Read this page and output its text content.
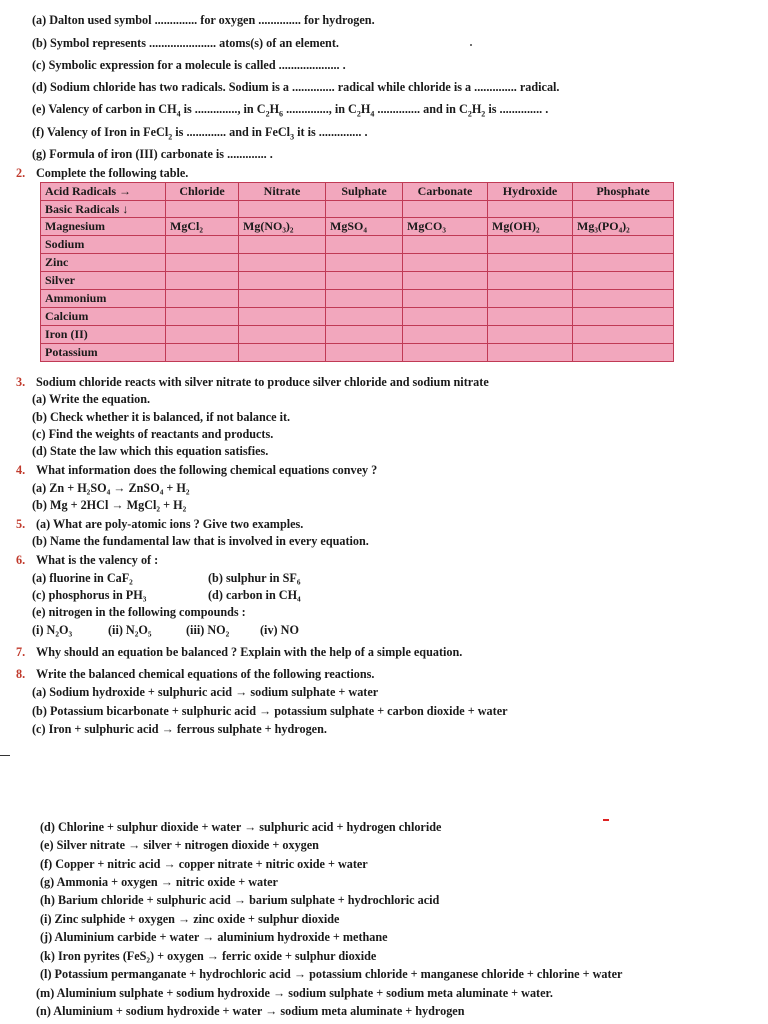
(a) Dalton used symbol .............. for oxygen .............. for hydrogen.
(b) Symbol represents ...................... atoms(s) of an element.
(c) Symbolic expression for a molecule is called .................... .
(d) Sodium chloride has two radicals. Sodium is a .............. radical while chloride is a .............. radical.
(e) Valency of carbon in $CH_4$ is .............., in $C_2H_6$ .............., in $C_2H_4$ .............. and in $C_2H_2$ is .............. .
(f) Valency of Iron in FeCl$_2$ is ............. and in FeCl$_3$ it is .............. .
(g) Formula of iron (III) carbonate is ............. .
2. Complete the following table.
Acid Radicals →	Chloride	Nitrate	Sulphate	Carbonate	Hydroxide	Phosphate
Basic Radicals ↓						
Magnesium	MgCl₂	Mg(NO₃)₂	MgSO₄	MgCO₃	Mg(OH)₂	Mg₃(PO₄)₂
Sodium						
Zinc						
Silver						
Ammonium						
Calcium						
Iron (II)						
Potassium						
3. Sodium chloride reacts with silver nitrate to produce silver chloride and sodium nitrate
(a) Write the equation.
(b) Check whether it is balanced, if not balance it.
(c) Find the weights of reactants and products.
(d) State the law which this equation satisfies.
4. What information does the following chemical equations convey ?
(a) Zn + H₂SO₄ → ZnSO₄ + H₂
(b) Mg + 2HCl → MgCl₂ + H₂
5. (a) What are poly-atomic ions ? Give two examples.
(b) Name the fundamental law that is involved in every equation.
6. What is the valency of :
(a) fluorine in CaF₂	(b) sulphur in SF₆
(c) phosphorus in PH₃	(d) carbon in CH₄
(e) nitrogen in the following compounds :
(i) N₂O₃	(ii) N₂O₅	(iii) NO₂	(iv) NO
7. Why should an equation be balanced ? Explain with the help of a simple equation.
8. Write the balanced chemical equations of the following reactions.
(a) Sodium hydroxide + sulphuric acid → sodium sulphate + water
(b) Potassium bicarbonate + sulphuric acid → potassium sulphate + carbon dioxide + water
(c) Iron + sulphuric acid → ferrous sulphate + hydrogen.
(d) Chlorine + sulphur dioxide + water → sulphuric acid + hydrogen chloride
(e) Silver nitrate → silver + nitrogen dioxide + oxygen
(f) Copper + nitric acid → copper nitrate + nitric oxide + water
(g) Ammonia + oxygen → nitric oxide + water
(h) Barium chloride + sulphuric acid → barium sulphate + hydrochloric acid
(i) Zinc sulphide + oxygen → zinc oxide + sulphur dioxide
(j) Aluminium carbide + water → aluminium hydroxide + methane
(k) Iron pyrites (FeS₂) + oxygen → ferric oxide + sulphur dioxide
(l) Potassium permanganate + hydrochloric acid → potassium chloride + manganese chloride + chlorine + water
(m) Aluminium sulphate + sodium hydroxide → sodium sulphate + sodium meta aluminate + water.
(n) Aluminium + sodium hydroxide + water → sodium meta aluminate + hydrogen
